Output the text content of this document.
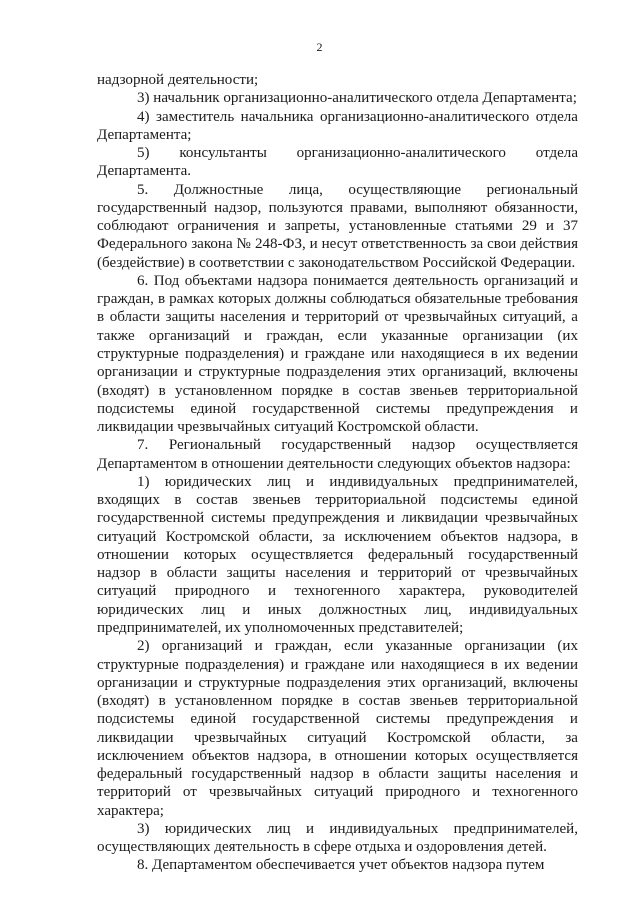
2

надзорной деятельности;

3) начальник организационно-аналитического отдела Департамента;

4) заместитель начальника организационно-аналитического отдела Департамента;

5) консультанты организационно-аналитического отдела Департамента.

5. Должностные лица, осуществляющие региональный государственный надзор, пользуются правами, выполняют обязанности, соблюдают ограничения и запреты, установленные статьями 29 и 37 Федерального закона № 248-ФЗ, и несут ответственность за свои действия (бездействие) в соответствии с законодательством Российской Федерации.

6. Под объектами надзора понимается деятельность организаций и граждан, в рамках которых должны соблюдаться обязательные требования в области защиты населения и территорий от чрезвычайных ситуаций, а также организаций и граждан, если указанные организации (их структурные подразделения) и граждане или находящиеся в их ведении организации и структурные подразделения этих организаций, включены (входят) в установленном порядке в состав звеньев территориальной подсистемы единой государственной системы предупреждения и ликвидации чрезвычайных ситуаций Костромской области.

7. Региональный государственный надзор осуществляется Департаментом в отношении деятельности следующих объектов надзора:

1) юридических лиц и индивидуальных предпринимателей, входящих в состав звеньев территориальной подсистемы единой государственной системы предупреждения и ликвидации чрезвычайных ситуаций Костромской области, за исключением объектов надзора, в отношении которых осуществляется федеральный государственный надзор в области защиты населения и территорий от чрезвычайных ситуаций природного и техногенного характера, руководителей юридических лиц и иных должностных лиц, индивидуальных предпринимателей, их уполномоченных представителей;

2) организаций и граждан, если указанные организации (их структурные подразделения) и граждане или находящиеся в их ведении организации и структурные подразделения этих организаций, включены (входят) в установленном порядке в состав звеньев территориальной подсистемы единой государственной системы предупреждения и ликвидации чрезвычайных ситуаций Костромской области, за исключением объектов надзора, в отношении которых осуществляется федеральный государственный надзор в области защиты населения и территорий от чрезвычайных ситуаций природного и техногенного характера;

3) юридических лиц и индивидуальных предпринимателей, осуществляющих деятельность в сфере отдыха и оздоровления детей.

8. Департаментом обеспечивается учет объектов надзора путем
